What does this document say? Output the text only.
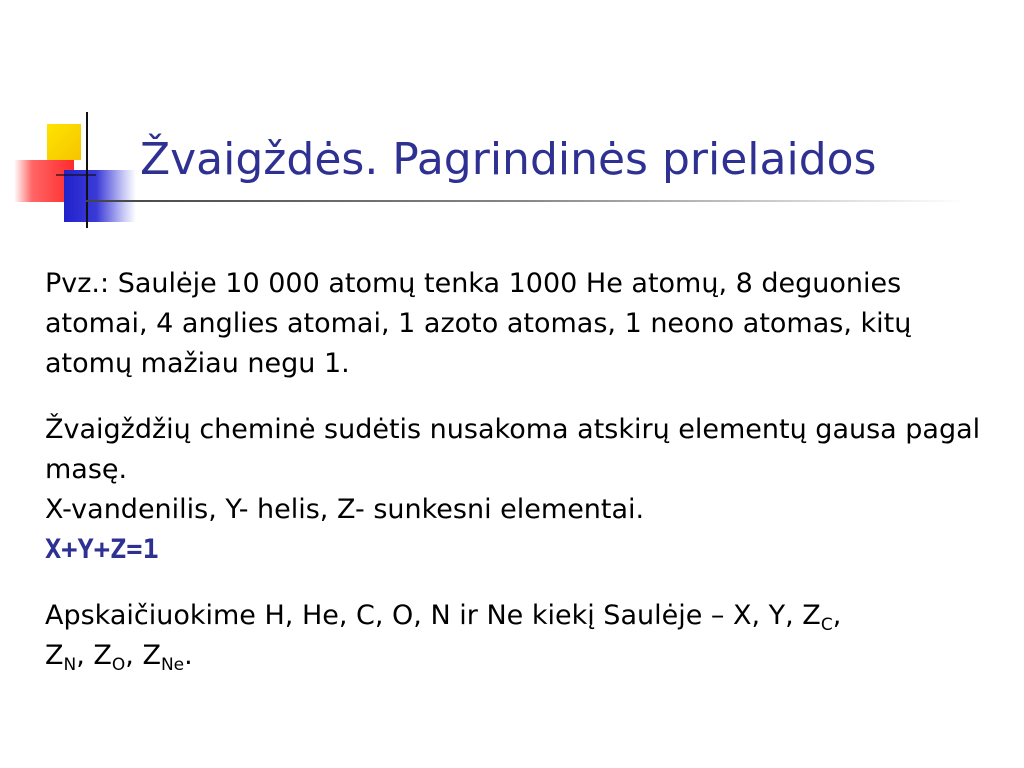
Žvaigždės. Pagrindinės prielaidos

Pvz.: Saulėje 10 000 atomų tenka 1000 He atomų, 8 deguonies atomai, 4 anglies atomai, 1 azoto atomas, 1 neono atomas, kitų atomų mažiau negu 1.

Žvaigždžių cheminė sudėtis nusakoma atskirų elementų gausa pagal masę.

X-vandenilis, Y- helis, Z- sunkesni elementai.

X+Y+Z=1

Apskaičiuokime H, He, C, O, N ir Ne kiekį Saulėje – X, Y, $Z_C$,
$Z_N$, $Z_O$, $Z_{Ne}$.
